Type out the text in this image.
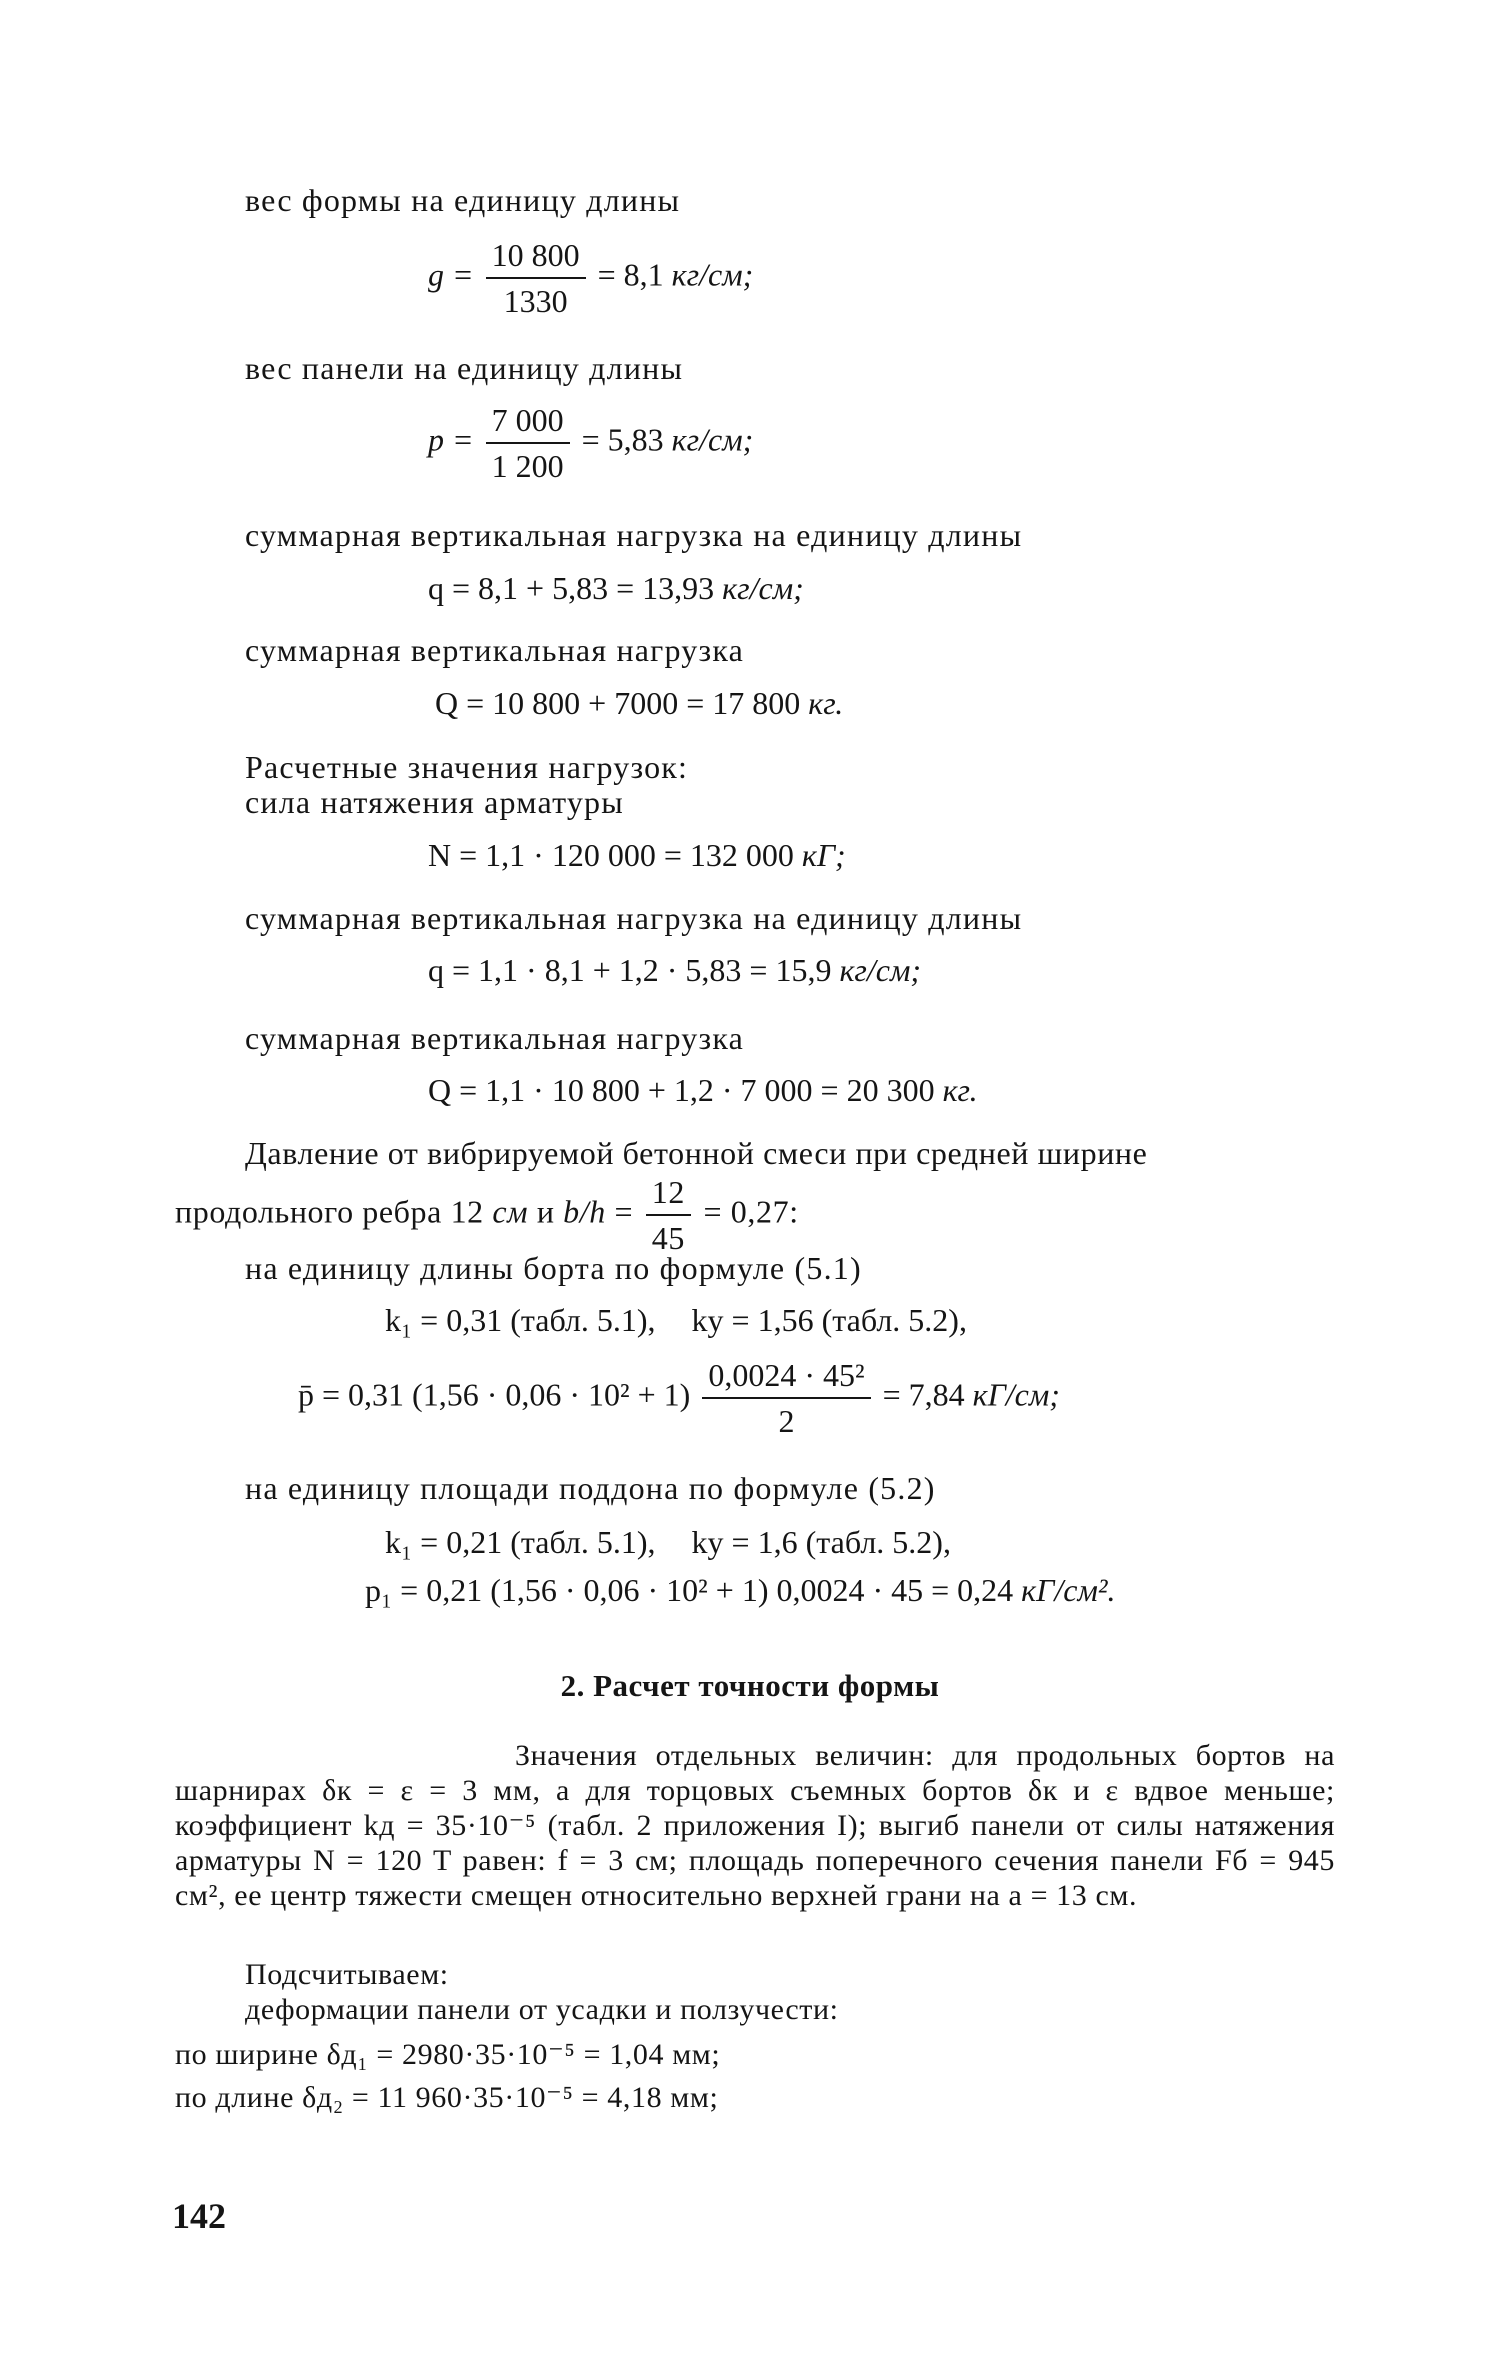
вес формы на единицу длины
$g = \frac{10 800}{1330} = 8,1$ кг/см;
вес панели на единицу длины
$p = \frac{7 000}{1 200} = 5,83$ кг/см;
суммарная вертикальная нагрузка на единицу длины
q = 8,1 + 5,83 = 13,93 кг/см;
суммарная вертикальная нагрузка
Q = 10 800 + 7000 = 17 800 кг.
Расчетные значения нагрузок:
сила натяжения арматуры
N = 1,1 · 120 000 = 132 000 кГ;
суммарная вертикальная нагрузка на единицу длины
q = 1,1 · 8,1 + 1,2 · 5,83 = 15,9 кг/см;
суммарная вертикальная нагрузка
Q = 1,1 · 10 800 + 1,2 · 7 000 = 20 300 кг.
Давление от вибрируемой бетонной смеси при средней ширине
продольного ребра 12 см и $b/h = \frac{12}{45} = 0,27$:
на единицу длины борта по формуле (5.1)
k₁ = 0,31 (табл. 5.1), kу = 1,56 (табл. 5.2),
p̄ = 0,31 $(1,56 \cdot 0,06 \cdot 10^2 + 1) \frac{\text{0,0024 · 45²}}{2} = 7,84$ кГ/см;
на единицу площади поддона по формуле (5.2)
k₁ = 0,21 (табл. 5.1), kу = 1,6 (табл. 5.2),
p₁ = 0,21 (1,56 · 0,06 · 10² + 1) 0,0024 · 45 = 0,24 кГ/см².
2. Расчет точности формы
Значения отдельных величин: для продольных бортов на шарнирах δк = ε = 3 мм, а для торцовых съемных бортов δк и ε вдвое меньше; коэффициент kд = 35·10⁻⁵ (табл. 2 приложения I); выгиб панели от силы натяжения арматуры N = 120 T равен: f = 3 см; площадь поперечного сечения панели Fб = 945 см², ее центр тяжести смещен относительно верхней грани на a = 13 см.
Подсчитываем:
деформации панели от усадки и ползучести:
по ширине δд₁ = 2980·35·10⁻⁵ = 1,04 мм;
по длине δд₂ = 11 960·35·10⁻⁵ = 4,18 мм;
142
